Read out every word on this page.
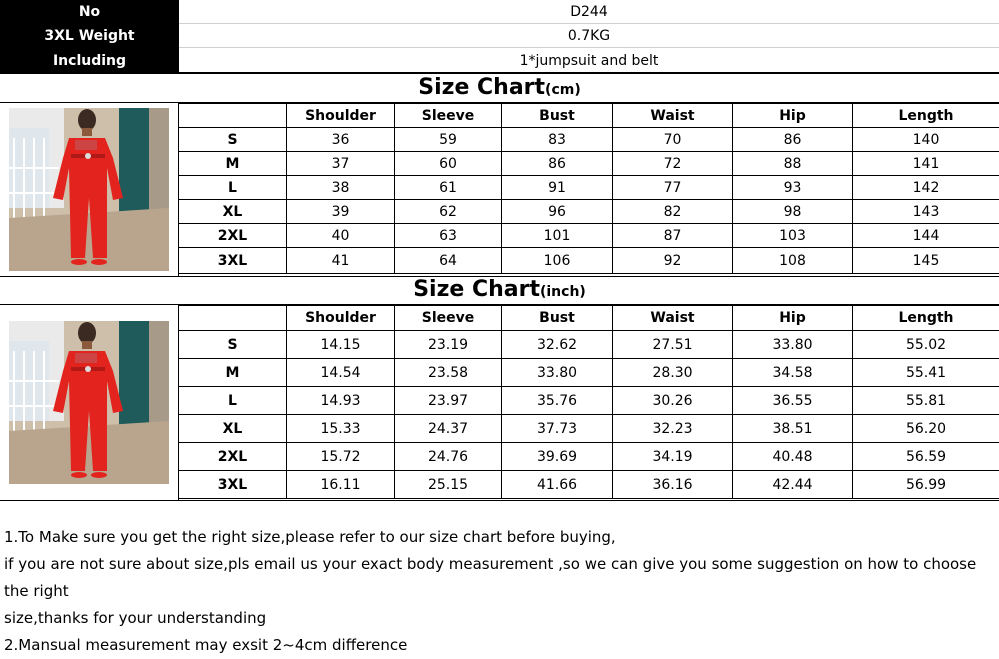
No	D244
3XL Weight	0.7KG
Including	1*jumpsuit and belt
Size Chart(cm)
	Shoulder	Sleeve	Bust	Waist	Hip	Length
S	36	59	83	70	86	140
M	37	60	86	72	88	141
L	38	61	91	77	93	142
XL	39	62	96	82	98	143
2XL	40	63	101	87	103	144
3XL	41	64	106	92	108	145
Size Chart(inch)
	Shoulder	Sleeve	Bust	Waist	Hip	Length
S	14.15	23.19	32.62	27.51	33.80	55.02
M	14.54	23.58	33.80	28.30	34.58	55.41
L	14.93	23.97	35.76	30.26	36.55	55.81
XL	15.33	24.37	37.73	32.23	38.51	56.20
2XL	15.72	24.76	39.69	34.19	40.48	56.59
3XL	16.11	25.15	41.66	36.16	42.44	56.99

1.To Make sure you get the right size,please refer to our size chart before buying,

if you are not sure about size,pls email us your exact body measurement ,so we can give you some suggestion on how to choose the right

size,thanks for your understanding

2.Mansual measurement may exsit 2~4cm difference
